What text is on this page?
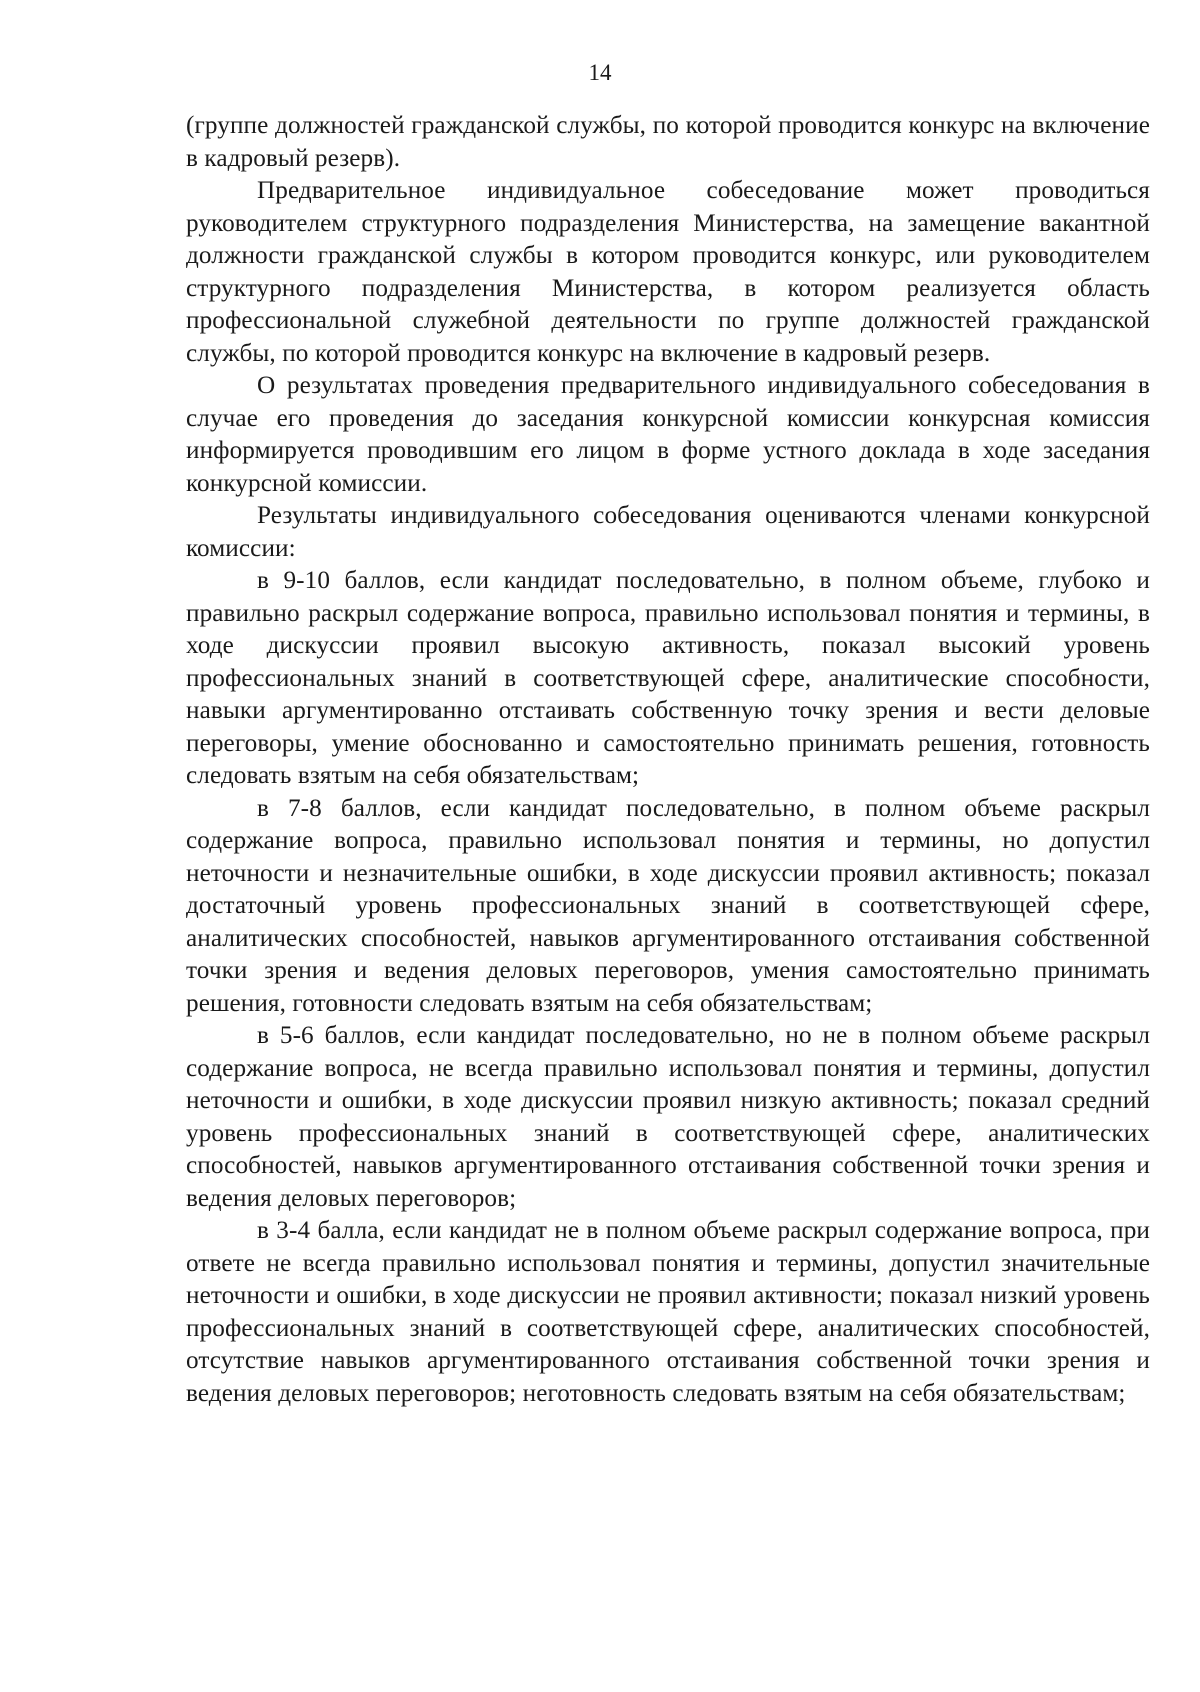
14

(группе должностей гражданской службы, по которой проводится конкурс на включение в кадровый резерв).

Предварительное индивидуальное собеседование может проводиться руководителем структурного подразделения Министерства, на замещение вакантной должности гражданской службы в котором проводится конкурс, или руководителем структурного подразделения Министерства, в котором реализуется область профессиональной служебной деятельности по группе должностей гражданской службы, по которой проводится конкурс на включение в кадровый резерв.

О результатах проведения предварительного индивидуального собеседования в случае его проведения до заседания конкурсной комиссии конкурсная комиссия информируется проводившим его лицом в форме устного доклада в ходе заседания конкурсной комиссии.

Результаты индивидуального собеседования оцениваются членами конкурсной комиссии:

в 9-10 баллов, если кандидат последовательно, в полном объеме, глубоко и правильно раскрыл содержание вопроса, правильно использовал понятия и термины, в ходе дискуссии проявил высокую активность, показал высокий уровень профессиональных знаний в соответствующей сфере, аналитические способности, навыки аргументированно отстаивать собственную точку зрения и вести деловые переговоры, умение обоснованно и самостоятельно принимать решения, готовность следовать взятым на себя обязательствам;

в 7-8 баллов, если кандидат последовательно, в полном объеме раскрыл содержание вопроса, правильно использовал понятия и термины, но допустил неточности и незначительные ошибки, в ходе дискуссии проявил активность; показал достаточный уровень профессиональных знаний в соответствующей сфере, аналитических способностей, навыков аргументированного отстаивания собственной точки зрения и ведения деловых переговоров, умения самостоятельно принимать решения, готовности следовать взятым на себя обязательствам;

в 5-6 баллов, если кандидат последовательно, но не в полном объеме раскрыл содержание вопроса, не всегда правильно использовал понятия и термины, допустил неточности и ошибки, в ходе дискуссии проявил низкую активность; показал средний уровень профессиональных знаний в соответствующей сфере, аналитических способностей, навыков аргументированного отстаивания собственной точки зрения и ведения деловых переговоров;

в 3-4 балла, если кандидат не в полном объеме раскрыл содержание вопроса, при ответе не всегда правильно использовал понятия и термины, допустил значительные неточности и ошибки, в ходе дискуссии не проявил активности; показал низкий уровень профессиональных знаний в соответствующей сфере, аналитических способностей, отсутствие навыков аргументированного отстаивания собственной точки зрения и ведения деловых переговоров; неготовность следовать взятым на себя обязательствам;
